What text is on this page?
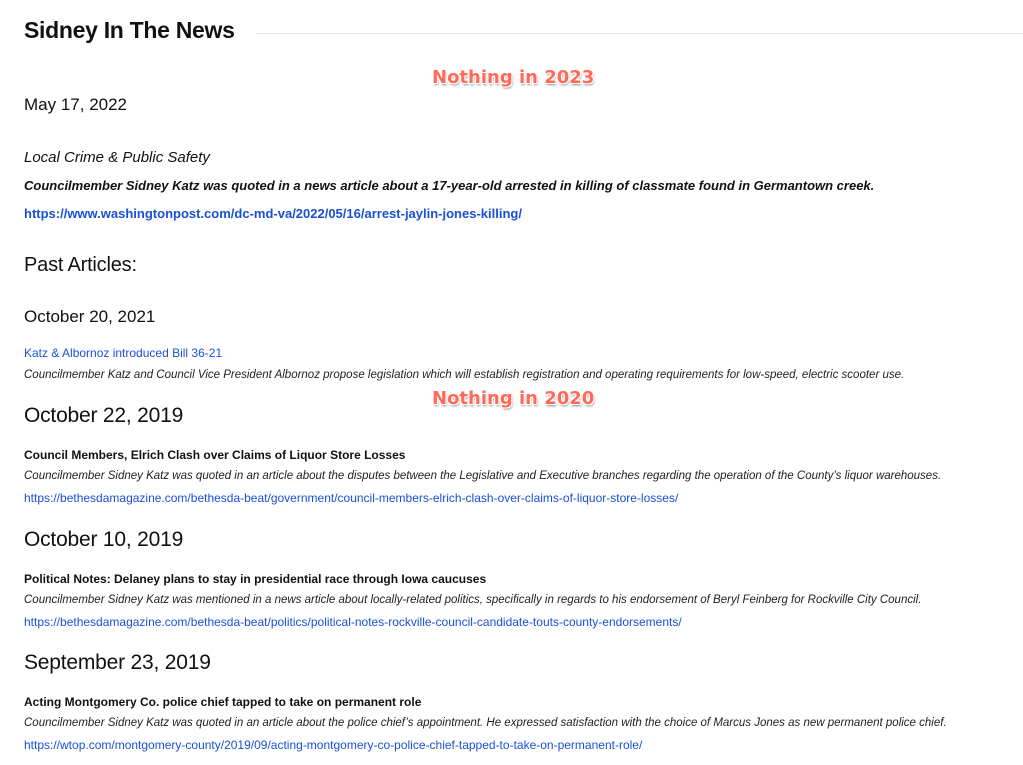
Sidney In The News
Nothing in 2023
Nothing in 2020
May 17, 2022
Local Crime & Public Safety
Councilmember Sidney Katz was quoted in a news article about a 17-year-old arrested in killing of classmate found in Germantown creek.
https://www.washingtonpost.com/dc-md-va/2022/05/16/arrest-jaylin-jones-killing/
Past Articles:
October 20, 2021
Katz & Albornoz introduced Bill 36-21
Councilmember Katz and Council Vice President Albornoz propose legislation which will establish registration and operating requirements for low-speed, electric scooter use.
October 22, 2019
Council Members, Elrich Clash over Claims of Liquor Store Losses
Councilmember Sidney Katz was quoted in an article about the disputes between the Legislative and Executive branches regarding the operation of the County’s liquor warehouses.
https://bethesdamagazine.com/bethesda-beat/government/council-members-elrich-clash-over-claims-of-liquor-store-losses/
October 10, 2019
Political Notes: Delaney plans to stay in presidential race through Iowa caucuses
Councilmember Sidney Katz was mentioned in a news article about locally-related politics, specifically in regards to his endorsement of Beryl Feinberg for Rockville City Council.
https://bethesdamagazine.com/bethesda-beat/politics/political-notes-rockville-council-candidate-touts-county-endorsements/
September 23, 2019
Acting Montgomery Co. police chief tapped to take on permanent role
Councilmember Sidney Katz was quoted in an article about the police chief’s appointment. He expressed satisfaction with the choice of Marcus Jones as new permanent police chief.
https://wtop.com/montgomery-county/2019/09/acting-montgomery-co-police-chief-tapped-to-take-on-permanent-role/
